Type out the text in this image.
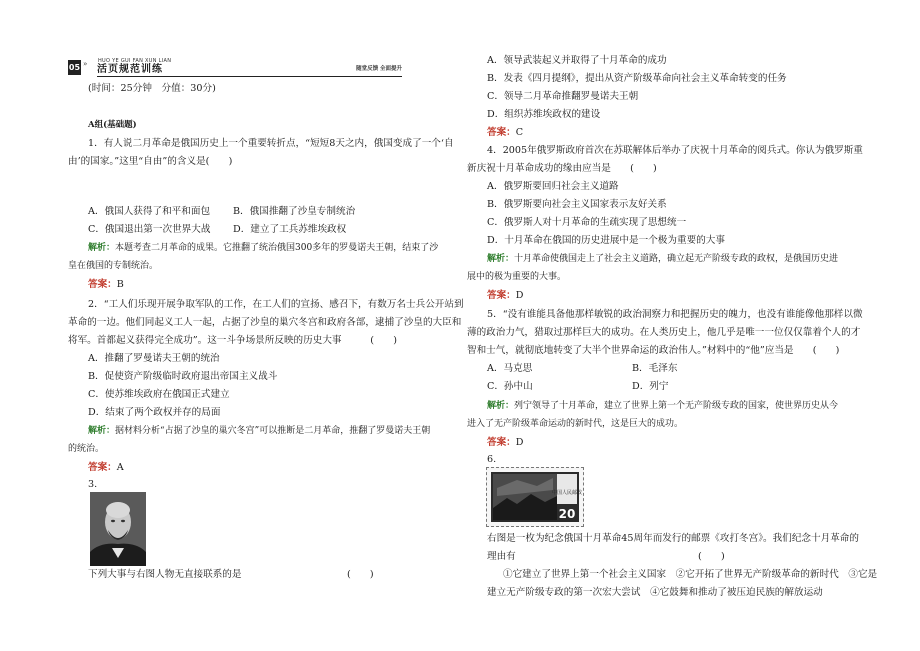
05 » HUO YE GUI FAN XUN LIAN
活页规范训练	随堂反馈 全面提升
(时间：25分钟　分值：30分)
A组(基础题)
1．有人说二月革命是俄国历史上一个重要转折点，“短短8天之内，俄国变成了一个‘自
由’的国家。”这里“自由”的含义是(　　)
A．俄国人获得了和平和面包 B．俄国推翻了沙皇专制统治
C．俄国退出第一次世界大战 D．建立了工兵苏维埃政权
解析：本题考查二月革命的成果。它推翻了统治俄国300多年的罗曼诺夫王朝，结束了沙
皇在俄国的专制统治。
答案：B
2．“工人们乐现开展争取军队的工作，在工人们的宣扬、感召下，有数万名士兵公开站到
革命的一边。他们同起义工人一起，占据了沙皇的巢穴冬宫和政府各部，逮捕了沙皇的大臣和
将军。首都起义获得完全成功”。这一斗争场景所反映的历史大事　　　(　　)
A．推翻了罗曼诺夫王朝的统治
B．促使资产阶级临时政府退出帝国主义战斗
C．使苏维埃政府在俄国正式建立
D．结束了两个政权并存的局面
解析：据材料分析“占据了沙皇的巢穴冬宫”可以推断是二月革命，推翻了罗曼诺夫王朝
的统治。
答案：A
3.
下列大事与右图人物无直接联系的是	(　　)
A．领导武装起义并取得了十月革命的成功
B．发表《四月提纲》，提出从资产阶级革命向社会主义革命转变的任务
C．领导二月革命推翻罗曼诺夫王朝
D．组织苏维埃政权的建设
答案：C
4．2005年俄罗斯政府首次在苏联解体后举办了庆祝十月革命的阅兵式。你认为俄罗斯重
新庆祝十月革命成功的缘由应当是　　(　　)
A．俄罗斯要回归社会主义道路
B．俄罗斯要向社会主义国家表示友好关系
C．俄罗斯人对十月革命的生疏实现了思想统一
D．十月革命在俄国的历史进展中是一个极为重要的大事
解析：十月革命使俄国走上了社会主义道路，确立起无产阶级专政的政权，是俄国历史进
展中的极为重要的大事。
答案：D
5．“没有谁能具备他那样敏锐的政治洞察力和把握历史的魄力，也没有谁能像他那样以微
薄的政治力气，猎取过那样巨大的成功。在人类历史上，他几乎是唯一一位仅仅靠着个人的才
智和士气，就彻底地转变了大半个世界命运的政治伟人。”材料中的“他”应当是　　(　　)
A．马克思	B．毛泽东
C．孙中山	D．列宁
解析：列宁领导了十月革命，建立了世界上第一个无产阶级专政的国家，使世界历史从今
进入了无产阶级革命运动的新时代，这是巨大的成功。
答案：D
6.
中国人民邮政
20
右图是一枚为纪念俄国十月革命45周年而发行的邮票《攻打冬宫》。我们纪念十月革命的
理由有　　　　　　　　　　　　　　　　　　　(　　)
①它建立了世界上第一个社会主义国家　②它开拓了世界无产阶级革命的新时代　③它是
建立无产阶级专政的第一次宏大尝试　④它鼓舞和推动了被压迫民族的解放运动
